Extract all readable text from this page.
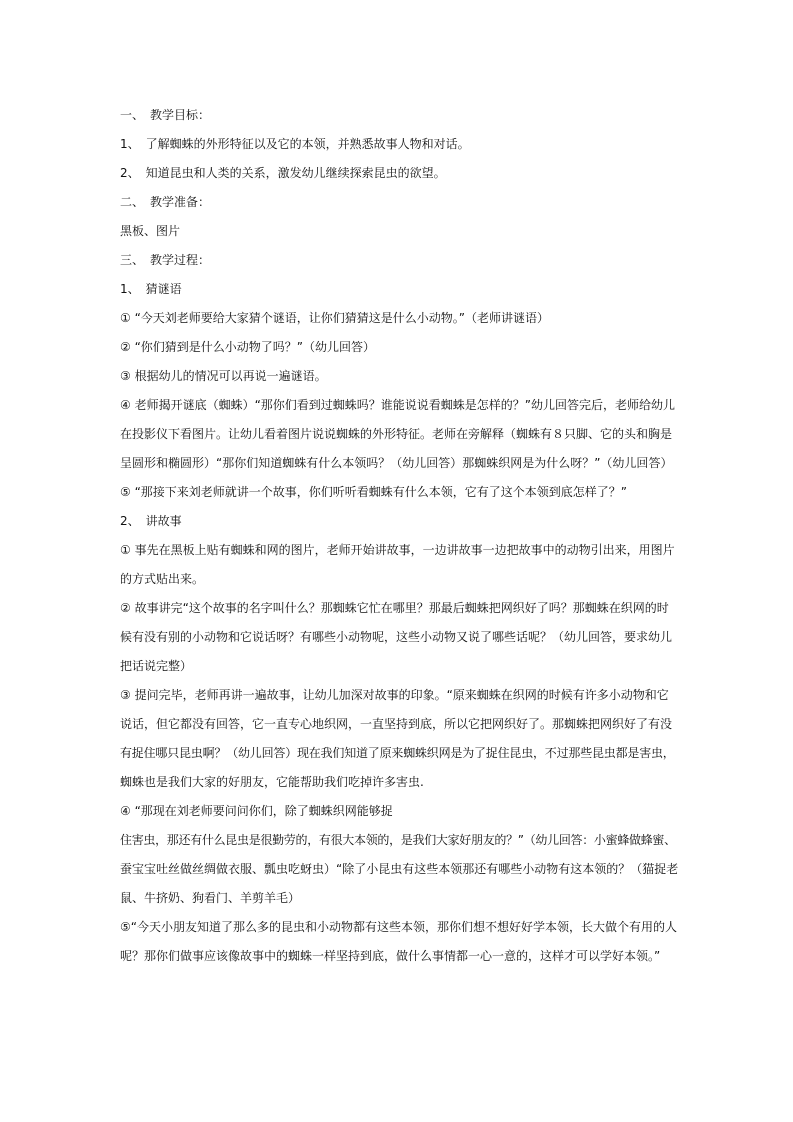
一、　教学目标：
1、　了解蜘蛛的外形特征以及它的本领，并熟悉故事人物和对话。
2、　知道昆虫和人类的关系，激发幼儿继续探索昆虫的欲望。
二、　教学准备：
黑板、图片
三、　教学过程：
1、　猜谜语
① “今天刘老师要给大家猜个谜语，让你们猜猜这是什么小动物。”（老师讲谜语）
② “你们猜到是什么小动物了吗？”（幼儿回答）
③ 根据幼儿的情况可以再说一遍谜语。
④ 老师揭开谜底（蜘蛛）“那你们看到过蜘蛛吗？谁能说说看蜘蛛是怎样的？”幼儿回答完后，老师给幼儿
在投影仪下看图片。让幼儿看着图片说说蜘蛛的外形特征。老师在旁解释（蜘蛛有８只脚、它的头和胸是
呈圆形和椭圆形）“那你们知道蜘蛛有什么本领吗？（幼儿回答）那蜘蛛织网是为什么呀？”（幼儿回答）
⑤ “那接下来刘老师就讲一个故事，你们听听看蜘蛛有什么本领，它有了这个本领到底怎样了？”
2、　讲故事
① 事先在黑板上贴有蜘蛛和网的图片，老师开始讲故事，一边讲故事一边把故事中的动物引出来，用图片
的方式贴出来。
② 故事讲完“这个故事的名字叫什么？那蜘蛛它忙在哪里？那最后蜘蛛把网织好了吗？那蜘蛛在织网的时
候有没有别的小动物和它说话呀？有哪些小动物呢，这些小动物又说了哪些话呢？（幼儿回答，要求幼儿
把话说完整）
③ 提问完毕，老师再讲一遍故事，让幼儿加深对故事的印象。“原来蜘蛛在织网的时候有许多小动物和它
说话，但它都没有回答，它一直专心地织网，一直坚持到底，所以它把网织好了。那蜘蛛把网织好了有没
有捉住哪只昆虫啊？（幼儿回答）现在我们知道了原来蜘蛛织网是为了捉住昆虫，不过那些昆虫都是害虫，
蜘蛛也是我们大家的好朋友，它能帮助我们吃掉许多害虫.
④ “那现在刘老师要问问你们，除了蜘蛛织网能够捉
住害虫，那还有什么昆虫是很勤劳的，有很大本领的，是我们大家好朋友的？”（幼儿回答：小蜜蜂做蜂蜜、
蚕宝宝吐丝做丝绸做衣服、瓢虫吃蚜虫）“除了小昆虫有这些本领那还有哪些小动物有这本领的？（猫捉老
鼠、牛挤奶、狗看门、羊剪羊毛）
⑤“今天小朋友知道了那么多的昆虫和小动物都有这些本领，那你们想不想好好学本领，长大做个有用的人
呢？那你们做事应该像故事中的蜘蛛一样坚持到底，做什么事情都一心一意的，这样才可以学好本领。”
